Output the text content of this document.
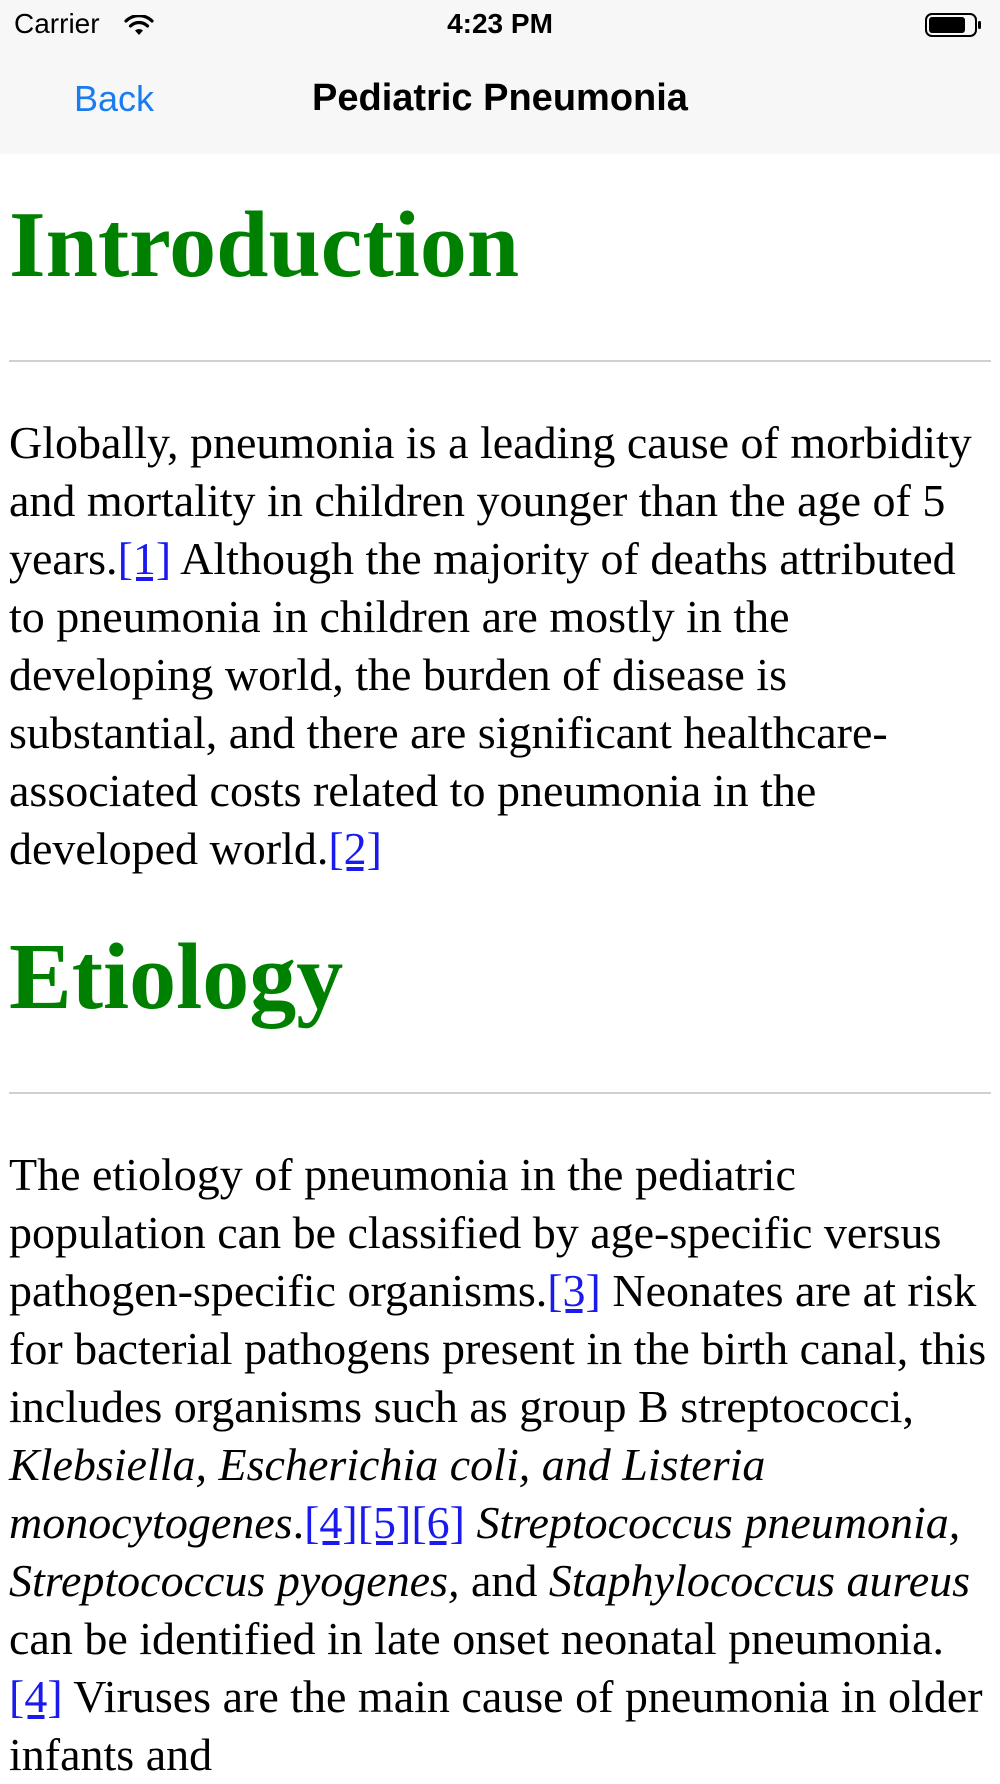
Carrier	4:23 PM
Back	Pediatric Pneumonia
Introduction

Globally, pneumonia is a leading cause of morbidity and mortality in children younger than the age of 5 years.[1] Although the majority of deaths attributed to pneumonia in children are mostly in the developing world, the burden of disease is substantial, and there are significant healthcare-associated costs related to pneumonia in the developed world.[2]

Etiology

The etiology of pneumonia in the pediatric population can be classified by age-specific versus pathogen-specific organisms.[3] Neonates are at risk for bacterial pathogens present in the birth canal, this includes organisms such as group B streptococci, Klebsiella, Escherichia coli, and Listeria monocytogenes.[4][5][6] Streptococcus pneumonia, Streptococcus pyogenes, and Staphylococcus aureus can be identified in late onset neonatal pneumonia.[4] Viruses are the main cause of pneumonia in older infants and
